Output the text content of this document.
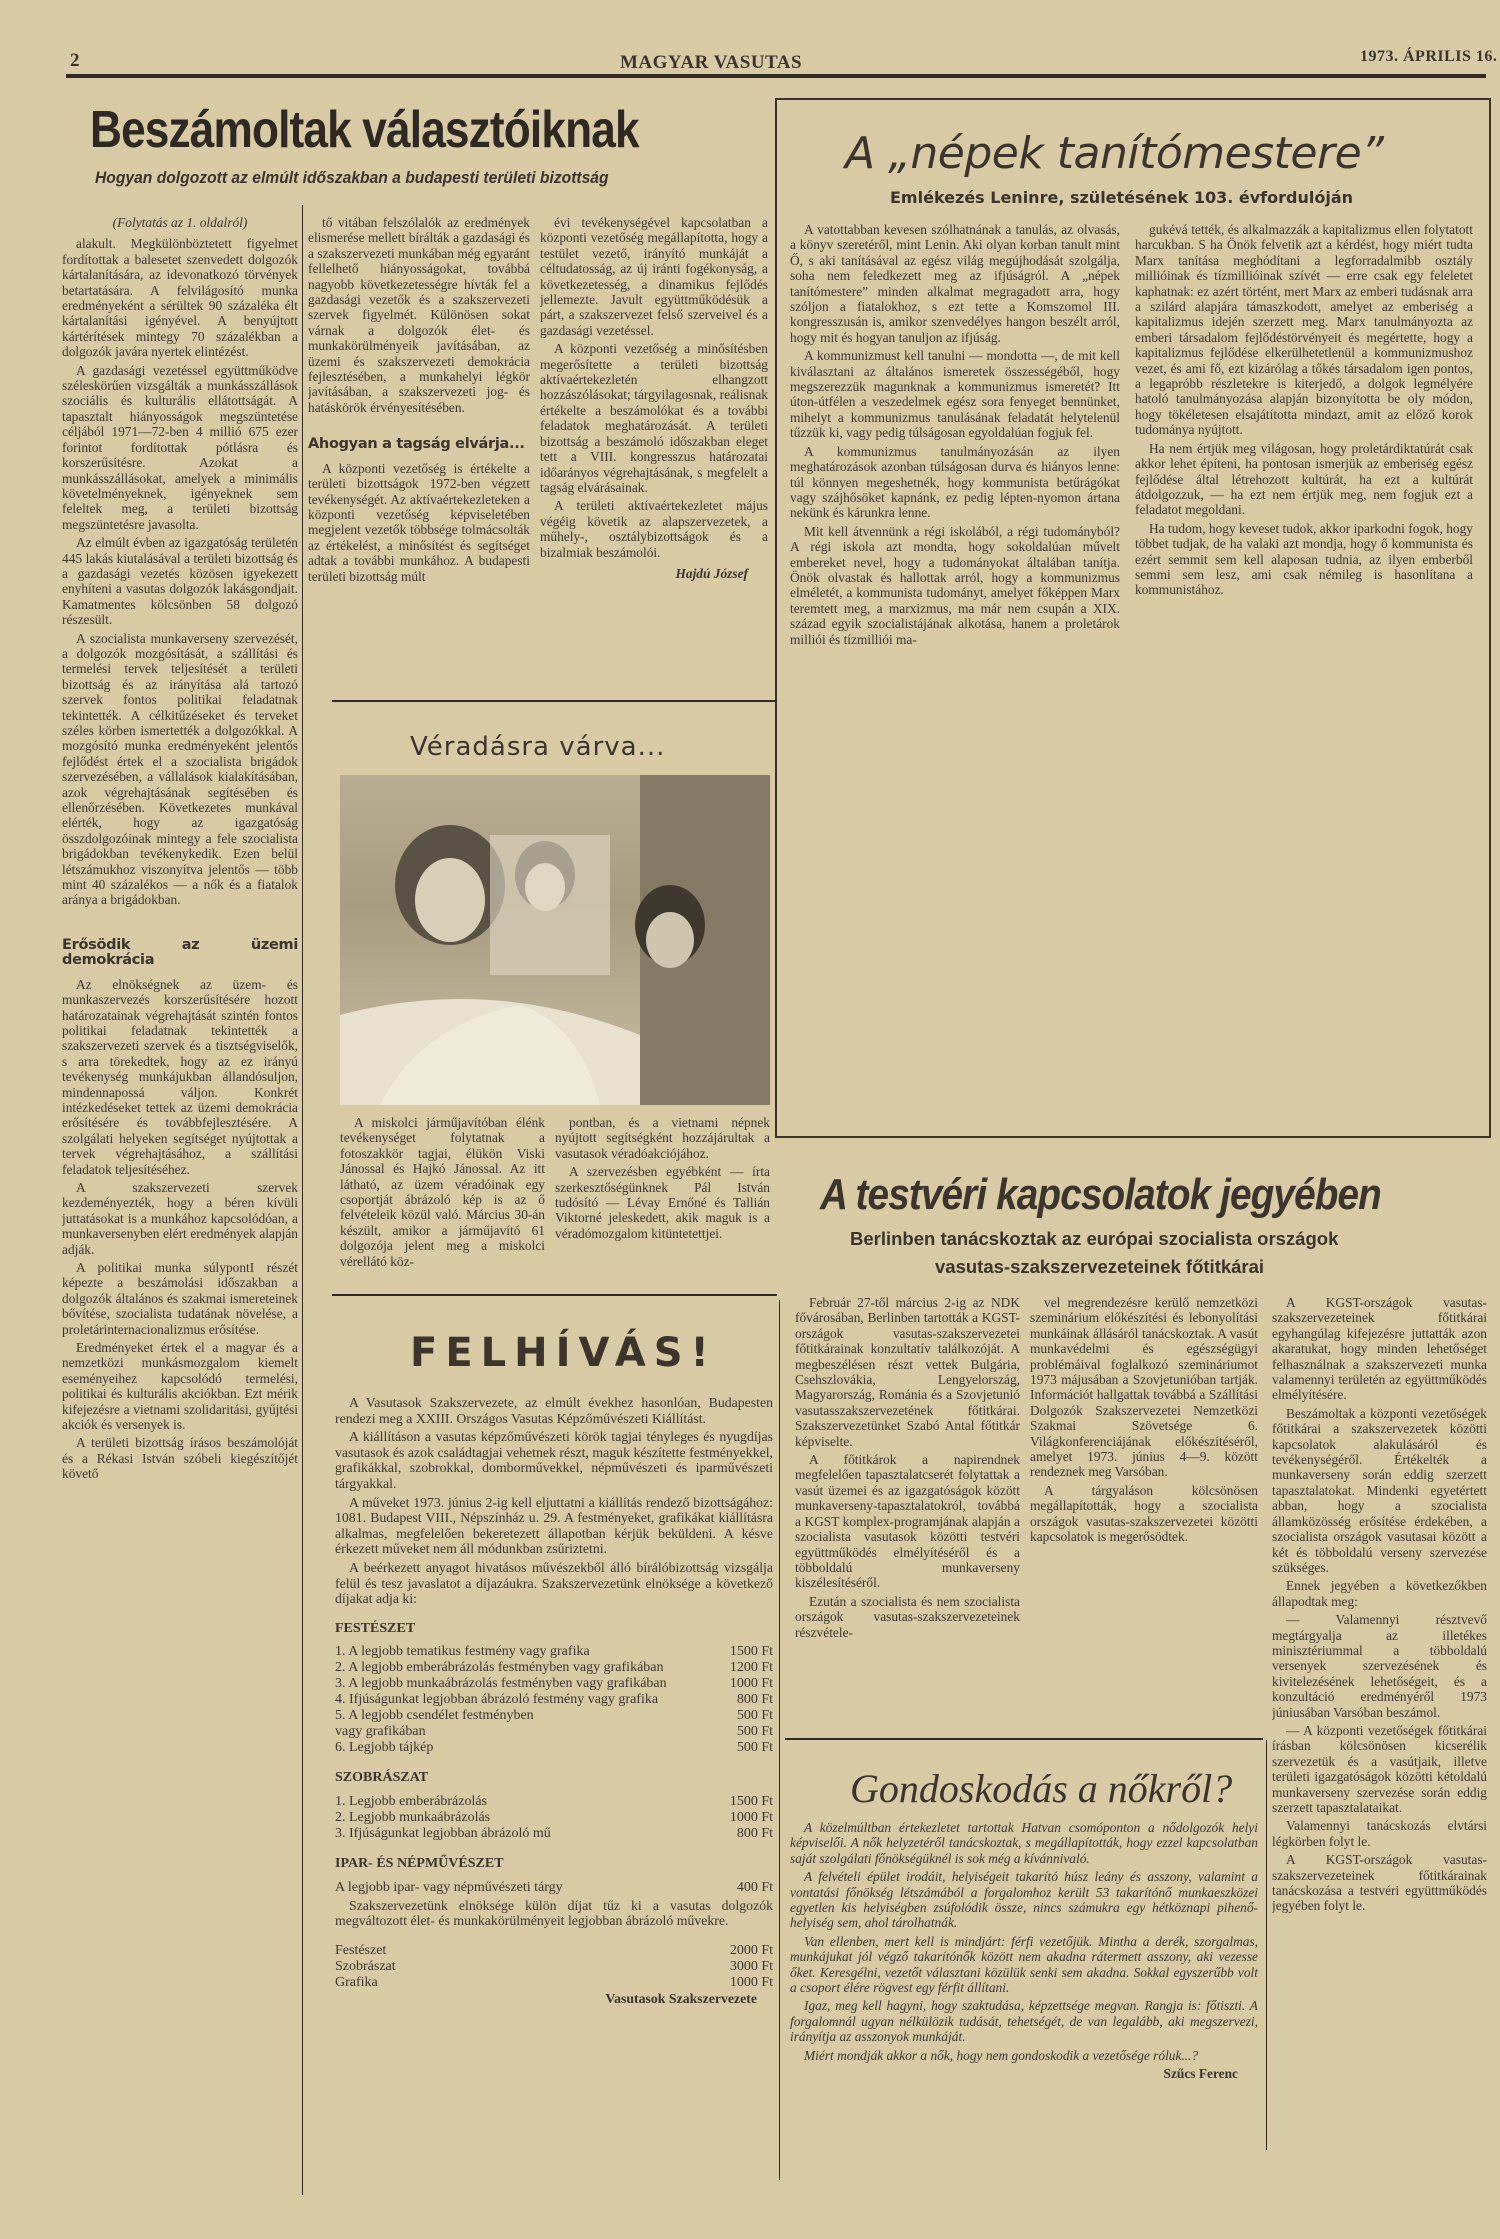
2	MAGYAR VASUTAS	1973. ÁPRILIS 16.
Beszámoltak választóiknak
Hogyan dolgozott az elmúlt időszakban a budapesti területi bizottság
(Folytatás az 1. oldalról)

alakult. Megkülönböztetett figyelmet fordítottak a balesetet szenvedett dolgozók kártalanítására, az idevonatkozó törvények betartatására. A felvilágosító munka eredményeként a sérültek 90 százaléka élt kártalanítási igényével. A benyújtott kártérítések mintegy 70 százalékban a dolgozók javára nyertek elintézést.

A gazdasági vezetéssel együttműködve széleskörűen vizsgálták a munkásszállások szociális és kulturális ellátottságát. A tapasztalt hiányosságok megszüntetése céljából 1971—72-ben 4 millió 675 ezer forintot fordítottak pótlásra és korszerűsítésre. Azokat a munkásszállásokat, amelyek a minimális követelményeknek, igényeknek sem feleltek meg, a területi bizottság megszüntetésre javasolta.

Az elmúlt évben az igazgatóság területén 445 lakás kiutalásával a területi bizottság és a gazdasági vezetés közösen igyekezett enyhíteni a vasutas dolgozók lakásgondjait. Kamatmentes kölcsönben 58 dolgozó részesült.

A szocialista munkaverseny szervezését, a dolgozók mozgósítását, a szállítási és termelési tervek teljesítését a területi bizottság és az irányítása alá tartozó szervek fontos politikai feladatnak tekintették. A célkitűzéseket és terveket széles körben ismertették a dolgozókkal. A mozgósító munka eredményeként jelentős fejlődést értek el a szocialista brigádok szervezésében, a vállalások kialakításában, azok végrehajtásának segítésében és ellenőrzésében. Következetes munkával elérték, hogy az igazgatóság összdolgozóinak mintegy a fele szocialista brigádokban tevékenykedik. Ezen belül létszámukhoz viszonyítva jelentős — több mint 40 százalékos — a nők és a fiatalok aránya a brigádokban.

Erősödik az üzemi demokrácia

Az elnökségnek az üzem- és munkaszervezés korszerűsítésére hozott határozatainak végrehajtását szintén fontos politikai feladatnak tekintették a szakszervezeti szervek és a tisztségviselők, s arra törekedtek, hogy az ez irányú tevékenység munkájukban állandósuljon, mindennapossá váljon. Konkrét intézkedéseket tettek az üzemi demokrácia erősítésére és továbbfejlesztésére. A szolgálati helyeken segítséget nyújtottak a tervek végrehajtásához, a szállítási feladatok teljesítéséhez.

A szakszervezeti szervek kezdeményezték, hogy a béren kívüli juttatásokat is a munkához kapcsolódóan, a munkaversenyben elért eredmények alapján adják.

A politikai munka súlypontI részét képezte a beszámolási időszakban a dolgozók általános és szakmai ismereteinek bővítése, szocialista tudatának növelése, a proletárinternacionalizmus erősítése.

Eredményeket értek el a magyar és a nemzetközi munkásmozgalom kiemelt eseményeihez kapcsolódó termelési, politikai és kulturális akciókban. Ezt mérik kifejezésre a vietnami szolidaritási, gyűjtési akciók és versenyek is.

A területi bizottság írásos beszámolóját és a Rékasi István szóbeli kiegészítőjét követő

tő vitában felszólalók az eredmények elismerése mellett bírálták a gazdasági és a szakszervezeti munkában még egyaránt fellelhető hiányosságokat, továbbá nagyobb következetességre hívták fel a gazdasági vezetők és a szakszervezeti szervek figyelmét. Különösen sokat várnak a dolgozók élet- és munkakörülményeik javításában, az üzemi és szakszervezeti demokrácia fejlesztésében, a munkahelyi légkör javításában, a szakszervezeti jog- és hatáskörök érvényesítésében.

Ahogyan a tagság elvárja...

A központi vezetőség is értékelte a területi bizottságok 1972-ben végzett tevékenységét. Az aktívaértekezleteken a központi vezetőség képviseletében megjelent vezetők többsége tolmácsolták az értékelést, a minősítést és segítséget adtak a további munkához. A budapesti területi bizottság múlt

évi tevékenységével kapcsolatban a központi vezetőség megállapította, hogy a testület vezető, irányító munkáját a céltudatosság, az új iránti fogékonyság, a következetesség, a dinamikus fejlődés jellemezte. Javult együttműködésük a párt, a szakszervezet felső szerveivel és a gazdasági vezetéssel.

A központi vezetőség a minősítésben megerősítette a területi bizottság aktívaértekezletén elhangzott hozzászólásokat; tárgyilagosnak, reálisnak értékelte a beszámolókat és a további feladatok meghatározását. A területi bizottság a beszámoló időszakban eleget tett a VIII. kongresszus határozatai időarányos végrehajtásának, s megfelelt a tagság elvárásainak.

A területi aktívaértekezletet május végéig követik az alapszervezetek, a műhely-, osztálybizottságok és a bizalmiak beszámolói.

Hajdú József
A „népek tanítómestere”
Emlékezés Leninre, születésének 103. évfordulóján

A vatottabban kevesen szólhatnának a tanulás, az olvasás, a könyv szeretéről, mint Lenin. Aki olyan korban tanult mint Ő, s aki tanításával az egész világ megújhodását szolgálja, soha nem feledkezett meg az ifjúságról. A „népek tanítómestere” minden alkalmat megragadott arra, hogy szóljon a fiatalokhoz, s ezt tette a Komszomol III. kongresszusán is, amikor szenvedélyes hangon beszélt arról, hogy mit és hogyan tanuljon az ifjúság.

A kommunizmust kell tanulni — mondotta —, de mit kell kiválasztani az általános ismeretek összességéből, hogy megszerezzük magunknak a kommunizmus ismeretét? Itt úton-útfélen a veszedelmek egész sora fenyeget bennünket, mihelyt a kommunizmus tanulásának feladatát helytelenül tűzzük ki, vagy pedig túlságosan egyoldalúan fogjuk fel.

A kommunizmus tanulmányozásán az ilyen meghatározások azonban túlságosan durva és hiányos lenne: túl könnyen megeshetnék, hogy kommunista betűrágókat vagy szájhősöket kapnánk, ez pedig lépten-nyomon ártana nekünk és kárunkra lenne.

Mit kell átvennünk a régi iskolából, a régi tudományból? A régi iskola azt mondta, hogy sokoldalúan művelt embereket nevel, hogy a tudományokat általában tanítja. Önök olvastak és hallottak arról, hogy a kommunizmus elméletét, a kommunista tudományt, amelyet főképpen Marx teremtett meg, a marxizmus, ma már nem csupán a XIX. század egyik szocialistájának alkotása, hanem a proletárok milliói és tízmilliói ma-

gukévá tették, és alkalmazzák a kapitalizmus ellen folytatott harcukban. S ha Önök felvetik azt a kérdést, hogy miért tudta Marx tanítása meghódítani a legforradalmibb osztály millióinak és tízmillióinak szívét — erre csak egy feleletet kaphatnak: ez azért történt, mert Marx az emberi tudásnak arra a szilárd alapjára támaszkodott, amelyet az emberiség a kapitalizmus idején szerzett meg. Marx tanulmányozta az emberi társadalom fejlődéstörvényeit és megértette, hogy a kapitalizmus fejlődése elkerülhetetlenül a kommunizmushoz vezet, és ami fő, ezt kizárólag a tőkés társadalom igen pontos, a legapróbb részletekre is kiterjedő, a dolgok legmélyére hatoló tanulmányozása alapján bizonyította be oly módon, hogy tökéletesen elsajátította mindazt, amit az előző korok tudománya nyújtott.

Ha nem értjük meg világosan, hogy proletárdiktatúrát csak akkor lehet építeni, ha pontosan ismerjük az emberiség egész fejlődése által létrehozott kultúrát, ha ezt a kultúrát átdolgozzuk, — ha ezt nem értjük meg, nem fogjuk ezt a feladatot megoldani.

Ha tudom, hogy keveset tudok, akkor iparkodni fogok, hogy többet tudjak, de ha valaki azt mondja, hogy ő kommunista és ezért semmit sem kell alaposan tudnia, az ilyen emberből semmi sem lesz, ami csak némileg is hasonlítana a kommunistához.

Véradásra várva...

A miskolci járműjavítóban élénk tevékenységet folytatnak a fotoszakkör tagjai, élükön Viski Jánossal és Hajkó Jánossal. Az itt látható, az üzem véradóinak egy csoportját ábrázoló kép is az ő felvételeik közül való. Március 30-án készült, amikor a járműjavító 61 dolgozója jelent meg a miskolci vérellátó köz-

pontban, és a vietnami népnek nyújtott segítségként hozzájárultak a vasutasok véradóakciójához.

A szervezésben egyébként — írta szerkesztőségünknek Pál István tudósító — Lévay Ernőné és Tallián Viktorné jeleskedett, akik maguk is a véradómozgalom kitüntetettjei.

FELHÍVÁS!

A Vasutasok Szakszervezete, az elmúlt évekhez hasonlóan, Budapesten rendezi meg a XXIII. Országos Vasutas Képzőművészeti Kiállítást.

A kiállításon a vasutas képzőművészeti körök tagjai tényleges és nyugdíjas vasutasok és azok családtagjai vehetnek részt, maguk készítette festményekkel, grafikákkal, szobrokkal, domborművekkel, népművészeti és iparművészeti tárgyakkal.

A műveket 1973. június 2-ig kell eljuttatni a kiállítás rendező bizottságához: 1081. Budapest VIII., Népszínház u. 29. A festményeket, grafikákat kiállításra alkalmas, megfelelően bekeretezett állapotban kérjük beküldeni. A késve érkezett műveket nem áll módunkban zsűriztetni.

A beérkezett anyagot hivatásos művészekből álló bírálóbizottság vizsgálja felül és tesz javaslatot a díjazáukra. Szakszervezetünk elnöksége a következő díjakat adja ki:

FESTÉSZET
1. A legjobb tematikus festmény vagy grafika	1500 Ft
2. A legjobb emberábrázolás festményben vagy grafikában	1200 Ft
3. A legjobb munkaábrázolás festményben vagy grafikában	1000 Ft
4. Ifjúságunkat legjobban ábrázoló festmény vagy grafika	800 Ft
5. A legjobb csendélet festményben	500 Ft
vagy grafikában	500 Ft
6. Legjobb tájkép	500 Ft
SZOBRÁSZAT
1. Legjobb emberábrázolás	1500 Ft
2. Legjobb munkaábrázolás	1000 Ft
3. Ifjúságunkat legjobban ábrázoló mű	800 Ft
IPAR- ÉS NÉPMŰVÉSZET
A legjobb ipar- vagy népművészeti tárgy	400 Ft

Szakszervezetünk elnöksége külön díjat tűz ki a vasutas dolgozók megváltozott élet- és munkakörülményeit legjobban ábrázoló művekre.

Festészet	2000 Ft
Szobrászat	3000 Ft
Grafika	1000 Ft
Vasutasok Szakszervezete
A testvéri kapcsolatok jegyében
Berlinben tanácskoztak az európai szocialista országok
vasutas-szakszervezeteinek főtitkárai

Február 27-től március 2-ig az NDK fővárosában, Berlinben tartották a KGST-országok vasutas-szakszervezetei főtitkárainak konzultatív találkozóját. A megbeszélésen részt vettek Bulgária, Csehszlovákia, Lengyelország, Magyarország, Románia és a Szovjetunió vasutasszakszervezetének főtitkárai. Szakszervezetünket Szabó Antal főtitkár képviselte.

A főtitkárok a napirendnek megfelelően tapasztalatcserét folytattak a vasút üzemei és az igazgatóságok között munkaverseny-tapasztalatokról, továbbá a KGST komplex-programjának alapján a szocialista vasutasok közötti testvéri együttműködés elmélyítéséről és a többoldalú munkaverseny kiszélesítéséről.

Ezután a szocialista és nem szocialista országok vasutas-szakszervezeteinek részvétele-

vel megrendezésre kerülő nemzetközi szeminárium előkészítési és lebonyolítási munkáinak állásáról tanácskoztak. A vasút munkavédelmi és egészségügyi problémáival foglalkozó szemináriumot 1973 májusában a Szovjetunióban tartják. Információt hallgattak továbbá a Szállítási Dolgozók Szakszervezetei Nemzetközi Szakmai Szövetsége 6. Világkonferenciájának előkészítéséről, amelyet 1973. június 4—9. között rendeznek meg Varsóban.

A tárgyaláson kölcsönösen megállapították, hogy a szocialista országok vasutas-szakszervezetei közötti kapcsolatok is megerősödtek.

A KGST-országok vasutas-szakszervezeteinek főtitkárai egyhangúlag kifejezésre juttatták azon akaratukat, hogy minden lehetőséget felhasználnak a szakszervezeti munka valamennyi területén az együttműködés elmélyítésére.

Beszámoltak a központi vezetőségek főtitkárai a szakszervezetek közötti kapcsolatok alakulásáról és tevékenységéről. Értékelték a munkaverseny során eddig szerzett tapasztalatokat. Mindenki egyetértett abban, hogy a szocialista államközösség erősítése érdekében, a szocialista országok vasutasai között a két és többoldalú verseny szervezése szükséges.

Ennek jegyében a következőkben állapodtak meg:

— Valamennyi résztvevő megtárgyalja az illetékes minisztériummal a többoldalú versenyek szervezésének és kivitelezésének lehetőségeit, és a konzultáció eredményéről 1973 júniusában Varsóban beszámol.

— A központi vezetőségek főtitkárai írásban kölcsönösen kicserélik szervezetük és a vasútjaik, illetve területi igazgatóságok közötti kétoldalú munkaverseny szervezése során eddig szerzett tapasztalataikat.

Valamennyi tanácskozás elvtársi légkörben folyt le.

A KGST-országok vasutas-szakszervezeteinek főtitkárainak tanácskozása a testvéri együttműködés jegyében folyt le.

Gondoskodás a nőkről?

A közelmúltban értekezletet tartottak Hatvan csomóponton a nődolgozók helyi képviselői. A nők helyzetéről tanácskoztak, s megállapították, hogy ezzel kapcsolatban saját szolgálati főnökségüknél is sok még a kívánnivaló.

A felvételi épület irodáit, helyiségeit takarító húsz leány és asszony, valamint a vontatási főnökség létszámából a forgalomhoz került 53 takarítónő munkaeszközei egyetlen kis helyiségben zsúfolódik össze, nincs számukra egy hétköznapi pihenő-helyiség sem, ahol tárolhatnák.

Van ellenben, mert kell is mindjárt: férfi vezetőjük. Mintha a derék, szorgalmas, munkájukat jól végző takarítónők között nem akadna rátermett asszony, aki vezesse őket. Keresgélni, vezetőt választani közülük senki sem akadna. Sokkal egyszerűbb volt a csoport élére rögvest egy férfit állítani.

Igaz, meg kell hagyni, hogy szaktudása, képzettsége megvan. Rangja is: főtiszti. A forgalomnál ugyan nélkülözik tudását, tehetségét, de van legalább, aki megszervezi, irányítja az asszonyok munkáját.

Miért mondják akkor a nők, hogy nem gondoskodik a vezetősége róluk...?

Szűcs Ferenc
